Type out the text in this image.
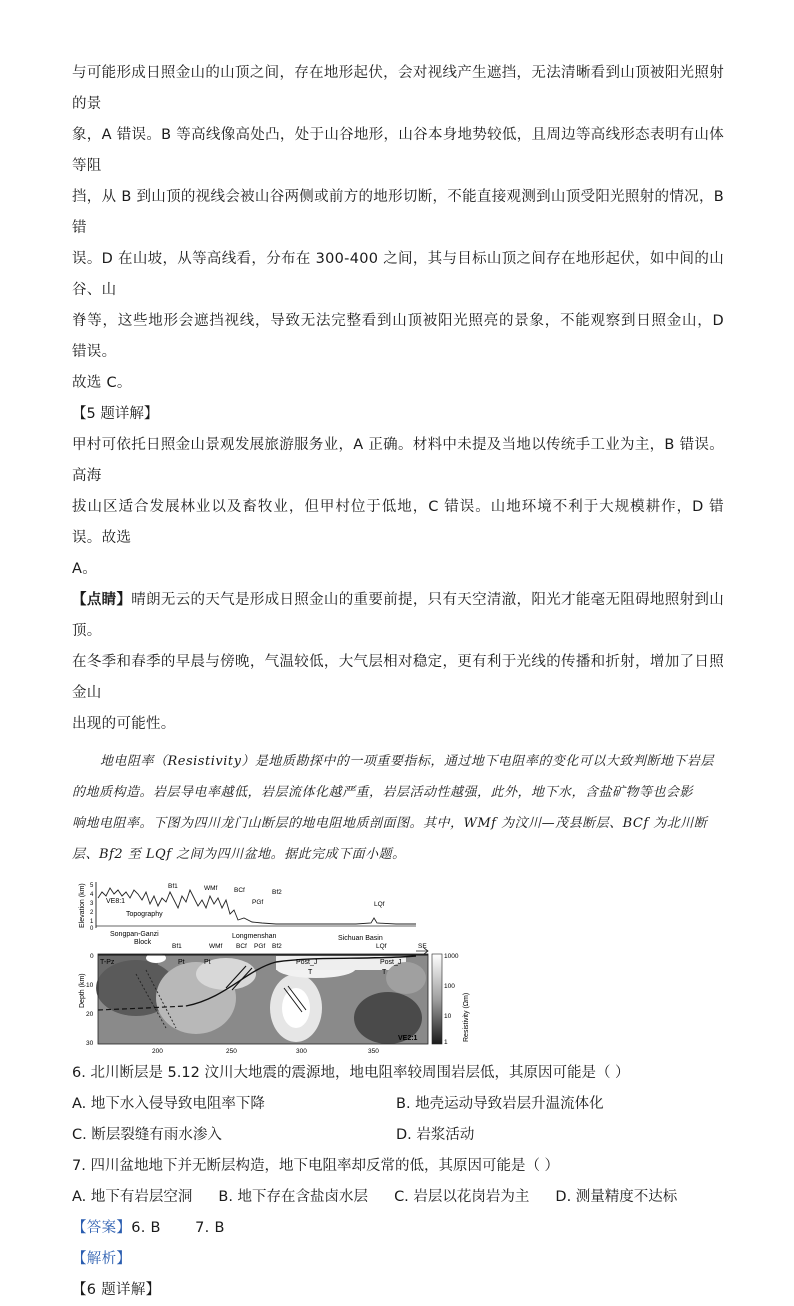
与可能形成日照金山的山顶之间，存在地形起伏，会对视线产生遮挡，无法清晰看到山顶被阳光照射的景

象，A 错误。B 等高线像高处凸，处于山谷地形，山谷本身地势较低，且周边等高线形态表明有山体等阻

挡，从 B 到山顶的视线会被山谷两侧或前方的地形切断，不能直接观测到山顶受阳光照射的情况，B 错

误。D 在山坡，从等高线看，分布在 300-400 之间，其与目标山顶之间存在地形起伏，如中间的山谷、山

脊等，这些地形会遮挡视线，导致无法完整看到山顶被阳光照亮的景象，不能观察到日照金山，D 错误。

故选 C。

【5 题详解】

甲村可依托日照金山景观发展旅游服务业，A 正确。材料中未提及当地以传统手工业为主，B 错误。高海

拔山区适合发展林业以及畜牧业，但甲村位于低地，C 错误。山地环境不利于大规模耕作，D 错误。故选

A。

【点睛】晴朗无云的天气是形成日照金山的重要前提，只有天空清澈，阳光才能毫无阻碍地照射到山顶。

在冬季和春季的早晨与傍晚，气温较低，大气层相对稳定，更有利于光线的传播和折射，增加了日照金山

出现的可能性。

地电阻率（Resistivity）是地质勘探中的一项重要指标，通过地下电阻率的变化可以大致判断地下岩层

的地质构造。岩层导电率越低，岩层流体化越严重，岩层活动性越强，此外，地下水，含盐矿物等也会影

响地电阻率。下图为四川龙门山断层的地电阻地质剖面图。其中，WMf 为汶川—茂县断层、BCf 为北川断

层、Bf2 至 LQf 之间为四川盆地。据此完成下面小题。

Elevation (km) 5
4
3
2
1
0
VE8:1
Topography
Bf1	WMf	BCf
PGf
Bf2
LQf
Songpan-Ganzi
Block
Longmenshan	Sichuan Basin
Bf1	WMf BCf PGf Bf2	LQf	SE
T-Pz	Pt	Pt	Post_J
T
Post_J
T
VE2:1
Depth (km)
0
10
20
30
200	250	300	350
1000
100
10
1
Resistivity (Ωm)

6. 北川断层是 5.12 汶川大地震的震源地，地电阻率较周围岩层低，其原因可能是（ ）

A. 地下水入侵导致电阻率下降	B. 地壳运动导致岩层升温流体化
C. 断层裂缝有雨水渗入	D. 岩浆活动

7. 四川盆地地下并无断层构造，地下电阻率却反常的低，其原因可能是（ ）

A. 地下有岩层空洞 B. 地下存在含盐卤水层 C. 岩层以花岗岩为主 D. 测量精度不达标

【答案】6. B       7. B

【解析】

【6 题详解】
